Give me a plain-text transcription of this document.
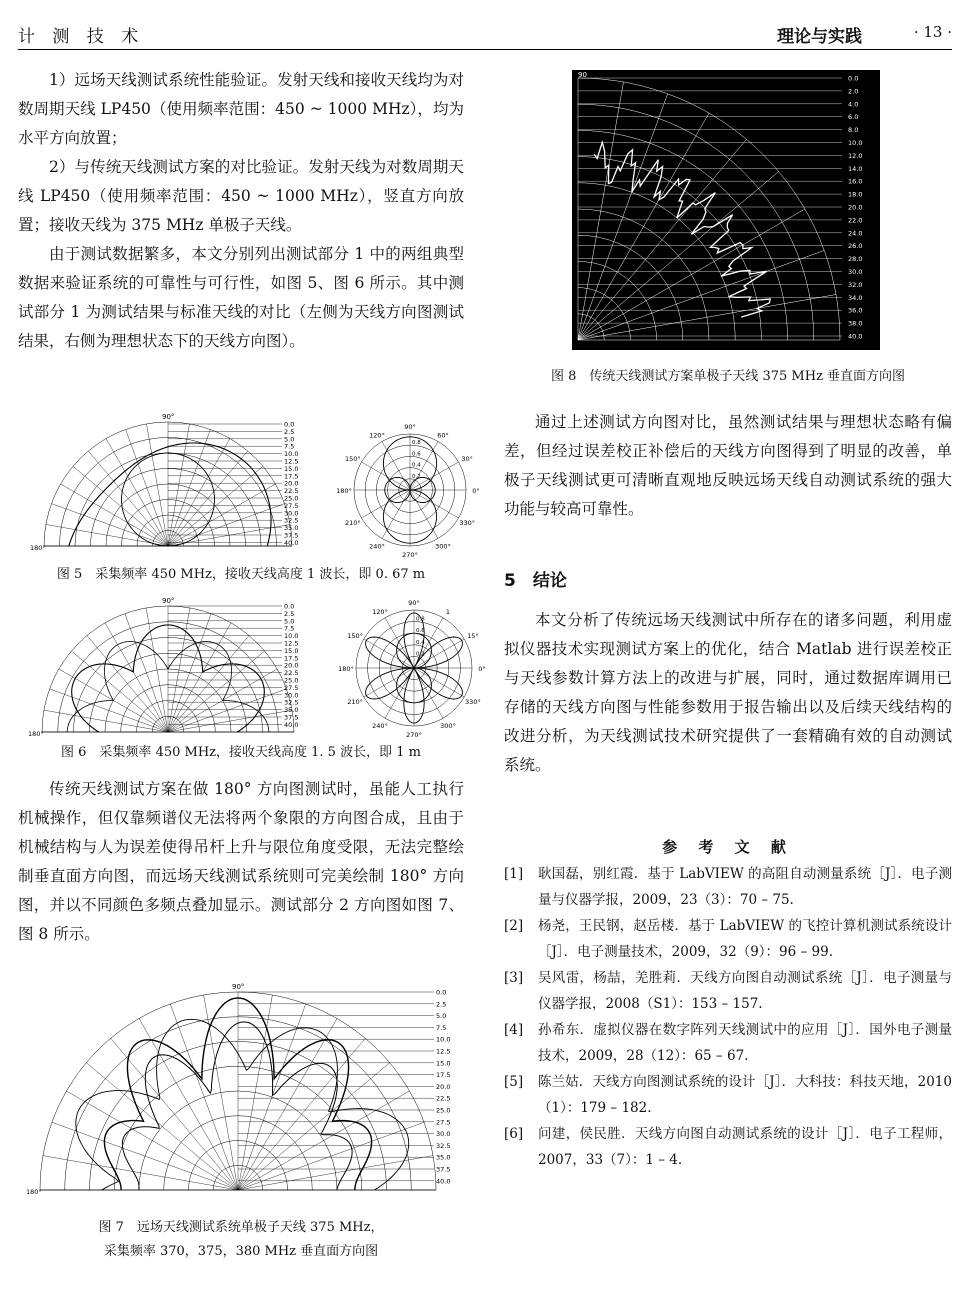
计 测 技 术	理论与实践	· 13 ·

1）远场天线测试系统性能验证。发射天线和接收天线均为对数周期天线 LP450（使用频率范围：450 ~ 1000 MHz），均为水平方向放置；

2）与传统天线测试方案的对比验证。发射天线为对数周期天线 LP450（使用频率范围：450 ~ 1000 MHz），竖直方向放置；接收天线为 375 MHz 单极子天线。

由于测试数据繁多，本文分别列出测试部分 1 中的两组典型数据来验证系统的可靠性与可行性，如图 5、图 6 所示。其中测试部分 1 为测试结果与标准天线的对比（左侧为天线方向图测试结果，右侧为理想状态下的天线方向图）。

0.0
2.5
5.0
7.5
10.0
12.5
15.0
17.5
20.0
22.5
25.0
27.5
30.0
32.5
35.0
37.5
40.0
90°
180°
90°
60°
30°
0°
330°
300°
270°
240°
210°
180°
150°
120°
0.8
0.6
0.4
0.2
图 5　采集频率 450 MHz，接收天线高度 1 波长，即 0. 67 m
0.0
2.5
5.0
7.5
10.0
12.5
15.0
17.5
20.0
22.5
25.0
27.5
30.0
32.5
35.0
37.5
40.0
90°
180°
90°
1
15°
0°
330°
300°
270°
240°
210°
180°
150°
120°
0.8
0.6
0.4
0.2
图 6　采集频率 450 MHz，接收天线高度 1. 5 波长，即 1 m

传统天线测试方案在做 180° 方向图测试时，虽能人工执行机械操作，但仅靠频谱仪无法将两个象限的方向图合成，且由于机械结构与人为误差使得吊杆上升与限位角度受限，无法完整绘制垂直面方向图，而远场天线测试系统则可完美绘制 180° 方向图，并以不同颜色多频点叠加显示。测试部分 2 方向图如图 7、图 8 所示。

0.0
2.5
5.0
7.5
10.0
12.5
15.0
17.5
20.0
22.5
25.0
27.5
30.0
32.5
35.0
37.5
40.0
90°
180°
图 7　远场天线测试系统单极子天线 375 MHz，
采集频率 370，375，380 MHz 垂直面方向图
0.0
2.0
4.0
6.0
8.0
10.0
12.0
14.0
16.0
18.0
20.0
22.0
24.0
26.0
28.0
30.0
32.0
34.0
36.0
38.0
40.0
90
图 8　传统天线测试方案单极子天线 375 MHz 垂直面方向图

通过上述测试方向图对比，虽然测试结果与理想状态略有偏差，但经过误差校正补偿后的天线方向图得到了明显的改善，单极子天线测试更可清晰直观地反映远场天线自动测试系统的强大功能与较高可靠性。

5　结论

本文分析了传统远场天线测试中所存在的诸多问题，利用虚拟仪器技术实现测试方案上的优化，结合 Matlab 进行误差校正与天线参数计算方法上的改进与扩展，同时，通过数据库调用已存储的天线方向图与性能参数用于报告输出以及后续天线结构的改进分析，为天线测试技术研究提供了一套精确有效的自动测试系统。

参 考 文 献
[1]	耿国磊，别红霞．基于 LabVIEW 的高阻自动测量系统［J］．电子测量与仪器学报，2009，23（3）：70 – 75.
[2]	杨尧，王民钢，赵岳楼．基于 LabVIEW 的飞控计算机测试系统设计［J］．电子测量技术，2009，32（9）：96 – 99.
[3]	吴风雷，杨喆，羌胜莉．天线方向图自动测试系统［J］．电子测量与仪器学报，2008（S1）：153 – 157.
[4]	孙希东．虚拟仪器在数字阵列天线测试中的应用［J］．国外电子测量技术，2009，28（12）：65 – 67.
[5]	陈兰姑．天线方向图测试系统的设计［J］．大科技：科技天地，2010（1）：179 – 182.
[6]	问建，侯民胜．天线方向图自动测试系统的设计［J］．电子工程师，2007，33（7）：1 – 4.
